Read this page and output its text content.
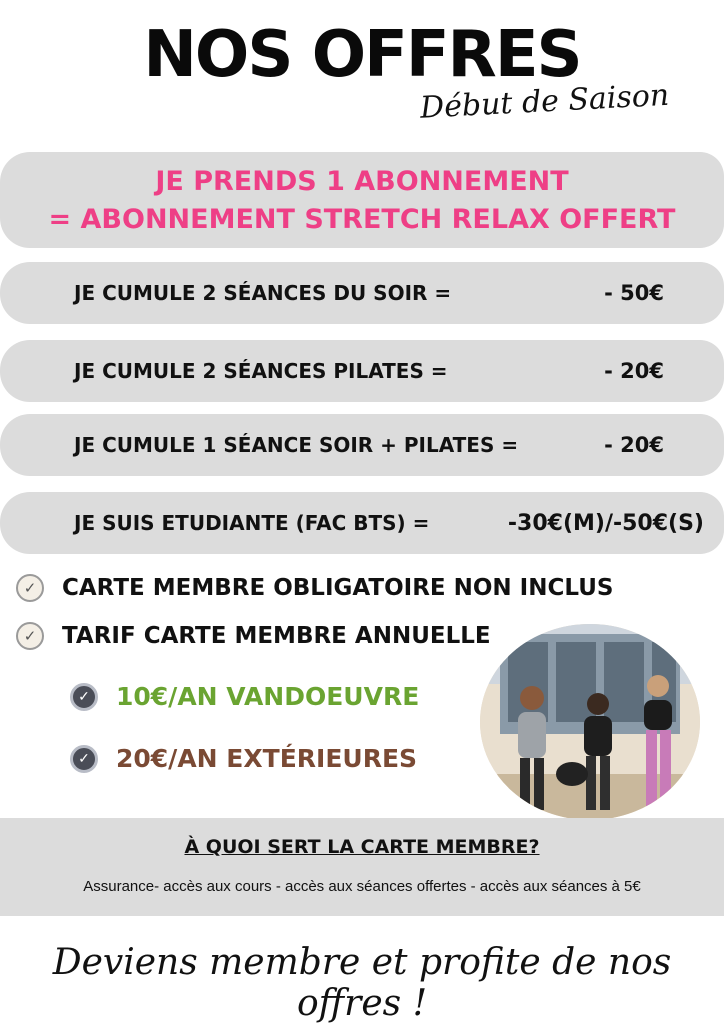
NOS OFFRES
Début de Saison
JE PRENDS 1 ABONNEMENT
= ABONNEMENT STRETCH RELAX OFFERT
JE CUMULE 2 SÉANCES DU SOIR =	- 50€
JE CUMULE 2 SÉANCES PILATES =	- 20€
JE CUMULE 1 SÉANCE SOIR + PILATES =	- 20€
JE SUIS ETUDIANTE (FAC BTS) =	-30€(M)/-50€(S)
✓	CARTE MEMBRE OBLIGATOIRE NON INCLUS
✓	TARIF CARTE MEMBRE ANNUELLE
✓	10€/AN VANDOEUVRE
✓	20€/AN EXTÉRIEURES
À QUOI SERT LA CARTE MEMBRE?
Assurance- accès aux cours - accès aux séances offertes - accès aux séances à 5€
Deviens membre et profite de nos offres !
